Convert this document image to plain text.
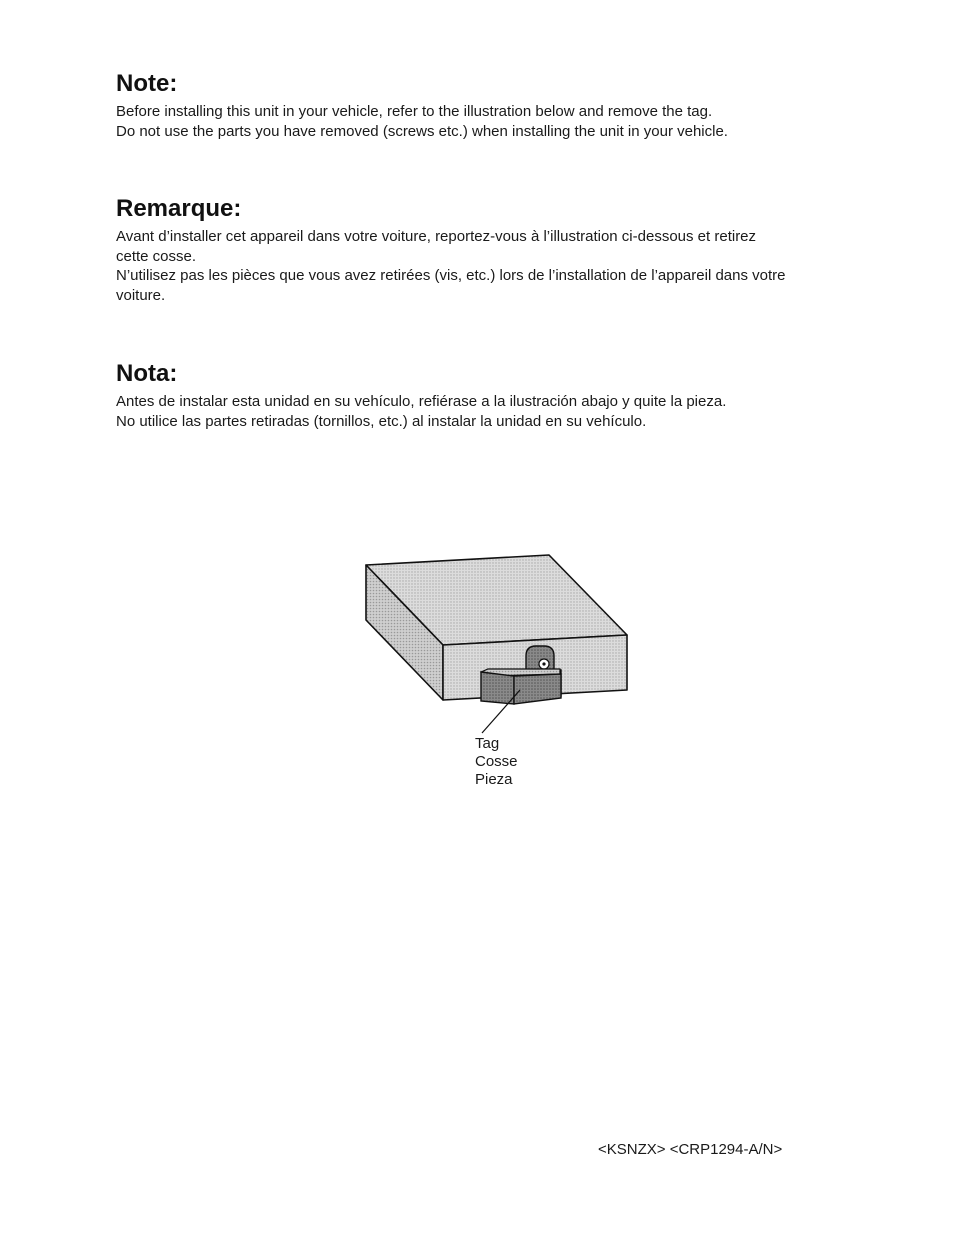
Note:

Before installing this unit in your vehicle, refer to the illustration below and remove the tag.

Do not use the parts you have removed (screws etc.) when installing the unit in your vehicle.

Remarque:

Avant d’installer cet appareil dans votre voiture, reportez-vous à l’illustration ci-dessous et retirez

cette cosse.

N’utilisez pas les pièces que vous avez retirées (vis, etc.) lors de l’installation de l’appareil dans votre

voiture.

Nota:

Antes de instalar esta unidad en su vehículo, refiérase a la ilustración abajo y quite la pieza.

No utilice las partes retiradas (tornillos, etc.) al instalar la unidad en su vehículo.

Tag
Cosse
Pieza
<KSNZX> <CRP1294-A/N>
